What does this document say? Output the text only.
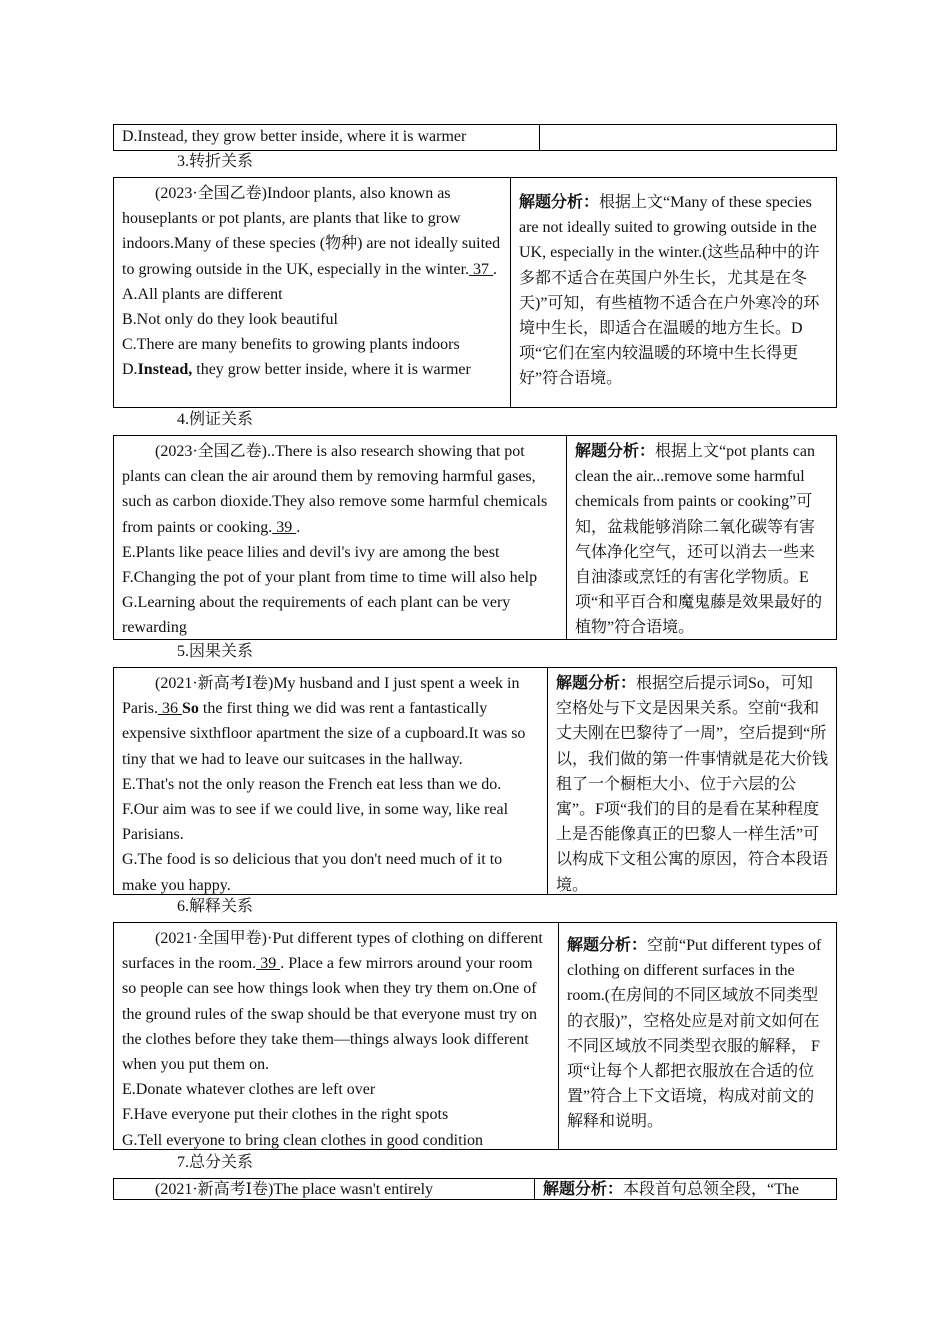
D.Instead, they grow better inside, where it is warmer
3.转折关系

(2023·全国乙卷)Indoor plants, also known as houseplants or pot plants, are plants that like to grow indoors.Many of these species (物种) are not ideally suited to growing outside in the UK, especially in the winter. 37 .

A.All plants are different

B.Not only do they look beautiful

C.There are many benefits to growing plants indoors

D.Instead, they grow better inside, where it is warmer

解题分析：根据上文“Many of these species are not ideally suited to growing outside in the UK, especially in the winter.(这些品种中的许多都不适合在英国户外生长，尤其是在冬天)”可知，有些植物不适合在户外寒冷的环境中生长，即适合在温暖的地方生长。D项“它们在室内较温暖的环境中生长得更好”符合语境。

4.例证关系

(2023·全国乙卷)..There is also research showing that pot plants can clean the air around them by removing harmful gases, such as carbon dioxide.They also remove some harmful chemicals from paints or cooking. 39 .

E.Plants like peace lilies and devil's ivy are among the best

F.Changing the pot of your plant from time to time will also help

G.Learning about the requirements of each plant can be very rewarding

解题分析：根据上文“pot plants can clean the air...remove some harmful chemicals from paints or cooking”可知，盆栽能够消除二氧化碳等有害气体净化空气，还可以消去一些来自油漆或烹饪的有害化学物质。E项“和平百合和魔鬼藤是效果最好的植物”符合语境。

5.因果关系

(2021·新高考Ⅰ卷)My husband and I just spent a week in Paris. 36 So the first thing we did was rent a fantastically expensive sixthfloor apartment the size of a cupboard.It was so tiny that we had to leave our suitcases in the hallway.

E.That's not the only reason the French eat less than we do.

F.Our aim was to see if we could live, in some way, like real Parisians.

G.The food is so delicious that you don't need much of it to make you happy.

解题分析：根据空后提示词So，可知空格处与下文是因果关系。空前“我和丈夫刚在巴黎待了一周”，空后提到“所以，我们做的第一件事情就是花大价钱租了一个橱柜大小、位于六层的公寓”。F项“我们的目的是看在某种程度上是否能像真正的巴黎人一样生活”可以构成下文租公寓的原因，符合本段语境。

6.解释关系

(2021·全国甲卷)·Put different types of clothing on different surfaces in the room. 39 . Place a few mirrors around your room so people can see how things look when they try them on.One of the ground rules of the swap should be that everyone must try on the clothes before they take them—things always look different when you put them on.

E.Donate whatever clothes are left over

F.Have everyone put their clothes in the right spots

G.Tell everyone to bring clean clothes in good condition

解题分析：空前“Put different types of clothing on different surfaces in the room.(在房间的不同区域放不同类型的衣服)”，空格处应是对前文如何在不同区域放不同类型衣服的解释， F项“让每个人都把衣服放在合适的位置”符合上下文语境，构成对前文的解释和说明。

7.总分关系

(2021·新高考Ⅰ卷)The place wasn't entirely	解题分析：本段首句总领全段，“The
